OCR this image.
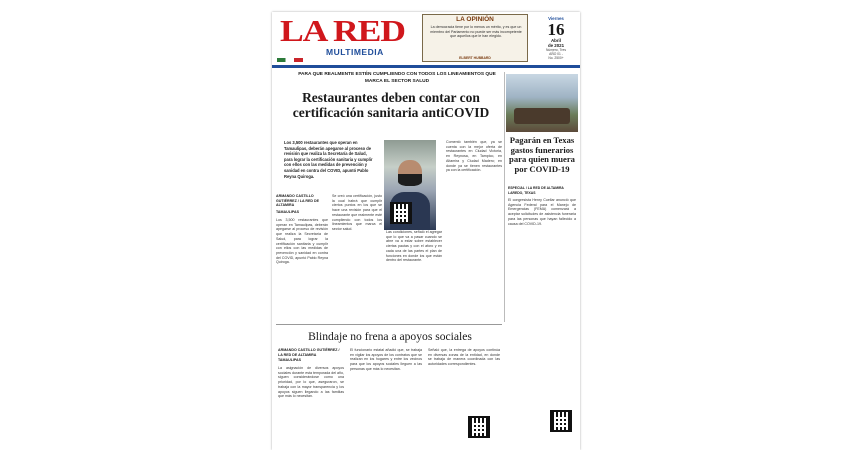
LA RED
MULTIMEDIA
LA OPINIÓN
La democracia tiene por lo menos un mérito, y es que un miembro del Parlamento no puede ser más incompetente que aquellos que le han elegido.
ELBERT HUBBARD
Viernes
16
Abril
de 2021
Número, Tres
AÑO 01 -
No. 2500+
PARA QUE REALMENTE ESTÉN CUMPLIENDO CON TODOS LOS LINEAMIENTOS QUE MARCA EL SECTOR SALUD
Restaurantes deben contar con certificación sanitaria antiCOVID
Los 3,500 restaurantes que operan en Tamaulipas, deberán apegarse al proceso de revisión que realiza la Secretaría de Salud, para lograr la certificación sanitaria y cumplir con ellos con las medidas de prevención y sanidad en contra del COVID, apuntó Pablo Reyna Quiroga.
ARMANDO CASTILLO GUTIÉRREZ / LA RED DE ALTAMIRA
TAMAULIPAS
Los 3,500 restaurantes que operan en Tamaulipas, deberán apegarse al proceso de revisión que realiza la Secretaría de Salud, para lograr la certificación sanitaria y cumplir con ellos con las medidas de prevención y sanidad en contra del COVID, apuntó Pablo Reyna Quiroga.
Se creó una certificación, justo la cual habrá que cumplir ciertos puntos en los que se hace una revisión para que el restaurante que realmente esté cumpliendo con todos los lineamientos que marca el sector salud.
Las condiciones, señaló el agregar que lo que va a pasar cuando se abre va a estar sobre establecer ciertas pautas y con el aforo y en cada una de las partes el plan de funciones en donde los que están dentro del restaurante.
Comentó también que, ya se cuenta con la mejor oferta de restaurantes en Ciudad Victoria, en Reynosa, en Tampico, en Altamira y Ciudad Madero; en donde ya se tienen restaurantes ya con la certificación.
Pagarán en Texas gastos funerarios para quien muera por COVID-19
ESPECIAL / LA RED DE ALTAMIRA
LAREDO, TEXAS
El congresista Henry Cuellar anunció que Agencia Federal para el Manejo de Emergencias (FEMA) comenzará a aceptar solicitudes de asistencia funeraria para las personas que hayan fallecido a causa del COVID-19.
Blindaje no frena a apoyos sociales
ARMANDO CASTILLO GUTIÉRREZ / LA RED DE ALTAMIRA
TAMAULIPAS
La asignación de diversos apoyos sociales durante esta temporada del año, siguen considerándose como una prioridad, por lo que, aseguraron, se trabaja con la mayor transparencia y los apoyos siguen llegando a las familias que más lo necesitan.
El funcionario estatal añadió que, se trabaja en vigilar los apoyos de los contratos que se realizan en los hogares y entre los vecinos para que los apoyos sociales lleguen a las personas que más lo necesitan.
Señaló que, la entrega de apoyos continúa en diversas zonas de la entidad, en donde se trabaja de manera coordinada con las autoridades correspondientes.
